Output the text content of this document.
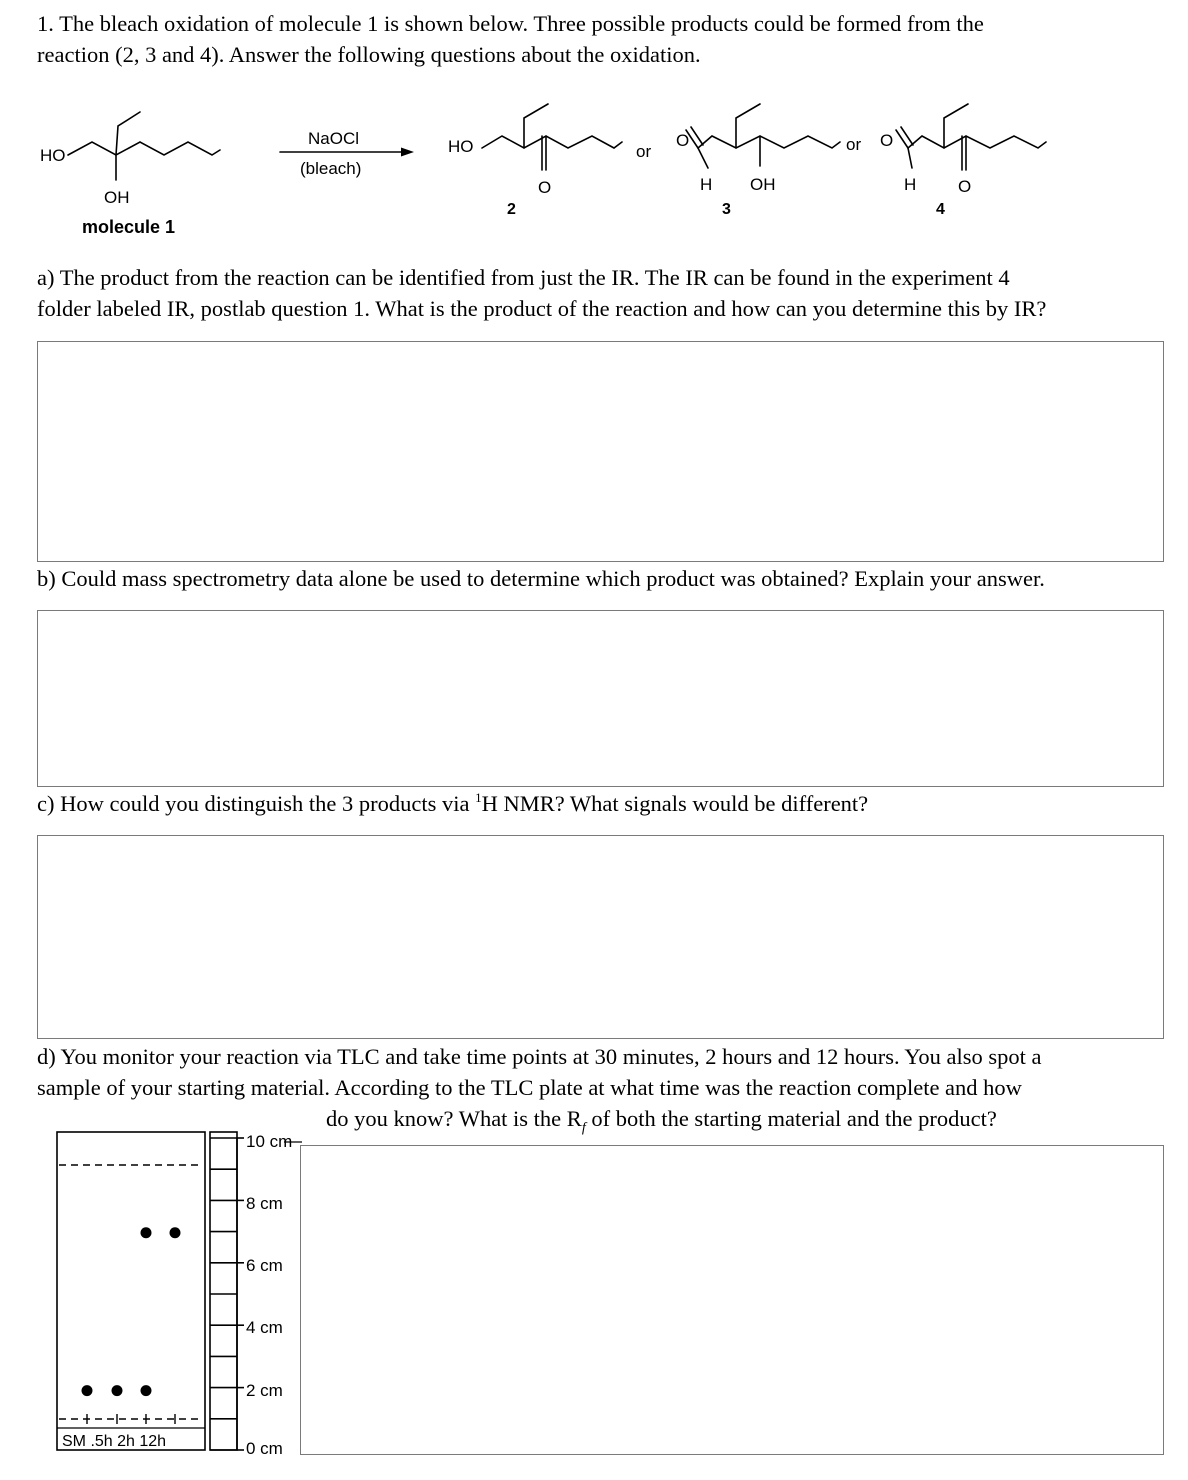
1. The bleach oxidation of molecule 1 is shown below. Three possible products could be formed from the
reaction (2, 3 and 4). Answer the following questions about the oxidation.
HO
OH
molecule 1
NaOCl
(bleach)
HO
O
2
or
O
H OH
3
or O
H O
4
a) The product from the reaction can be identified from just the IR. The IR can be found in the experiment 4
folder labeled IR, postlab question 1. What is the product of the reaction and how can you determine this by IR?
b) Could mass spectrometry data alone be used to determine which product was obtained? Explain your answer.
c) How could you distinguish the 3 products via $^1$H NMR? What signals would be different?
d) You monitor your reaction via TLC and take time points at 30 minutes, 2 hours and 12 hours. You also spot a
sample of your starting material. According to the TLC plate at what time was the reaction complete and how
do you know? What is the $R_f$ of both the starting material and the product?
SM .5h 2h 12h
10 cm
8 cm
6 cm
4 cm
2 cm
0 cm
